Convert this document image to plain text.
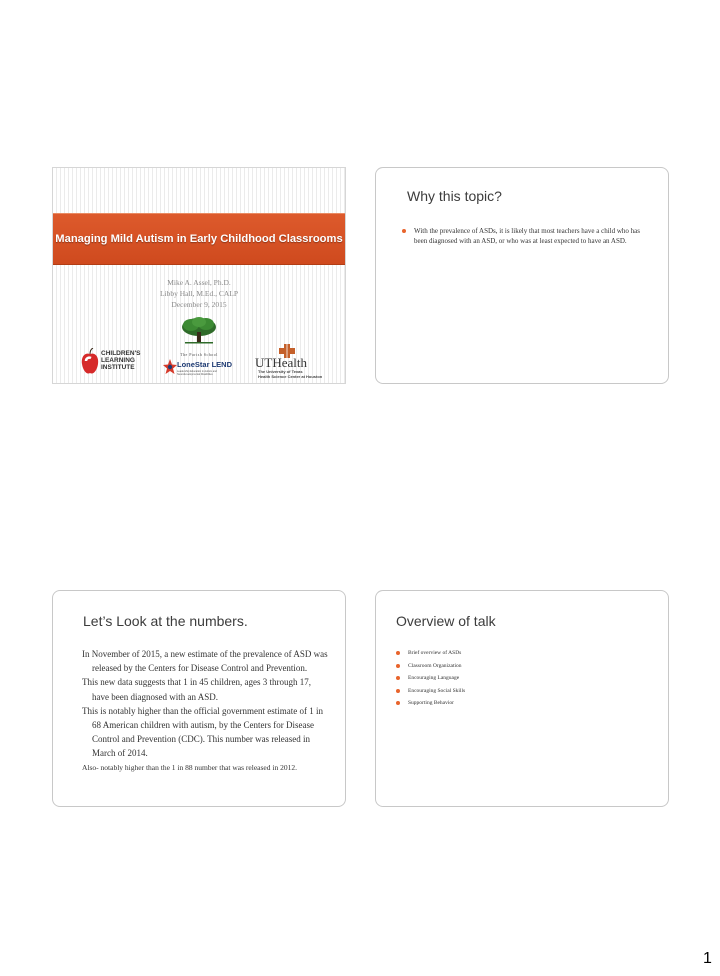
Managing Mild Autism in Early Childhood Classrooms
Mike A. Assel, Ph.D.
Libby Hall, M.Ed., CALP
December 9, 2015
The Parish School
CHILDREN'S
LEARNING
INSTITUTE	LoneStar LEND
Leadership Education in Autism and Neurodevelopmental Disabilities
UTHealth
The University of Texas
Health Science Center at Houston
Why this topic?
With the prevalence of ASDs, it is likely that most teachers have a child who has been diagnosed with an ASD, or who was at least expected to have an ASD.
Let’s Look at the numbers.

In November of 2015, a new estimate of the prevalence of ASD was released by the Centers for Disease Control and Prevention.

This new data suggests that 1 in 45 children, ages 3 through 17, have been diagnosed with an ASD.

This is notably higher than the official government estimate of 1 in 68 American children with autism, by the Centers for Disease Control and Prevention (CDC). This number was released in March of 2014.

Also- notably higher than the 1 in 88 number that was released in 2012.

Overview of talk
Brief overview of ASDs
Classroom Organization
Encouraging Language
Encouraging Social Skills
Supporting Behavior
1
